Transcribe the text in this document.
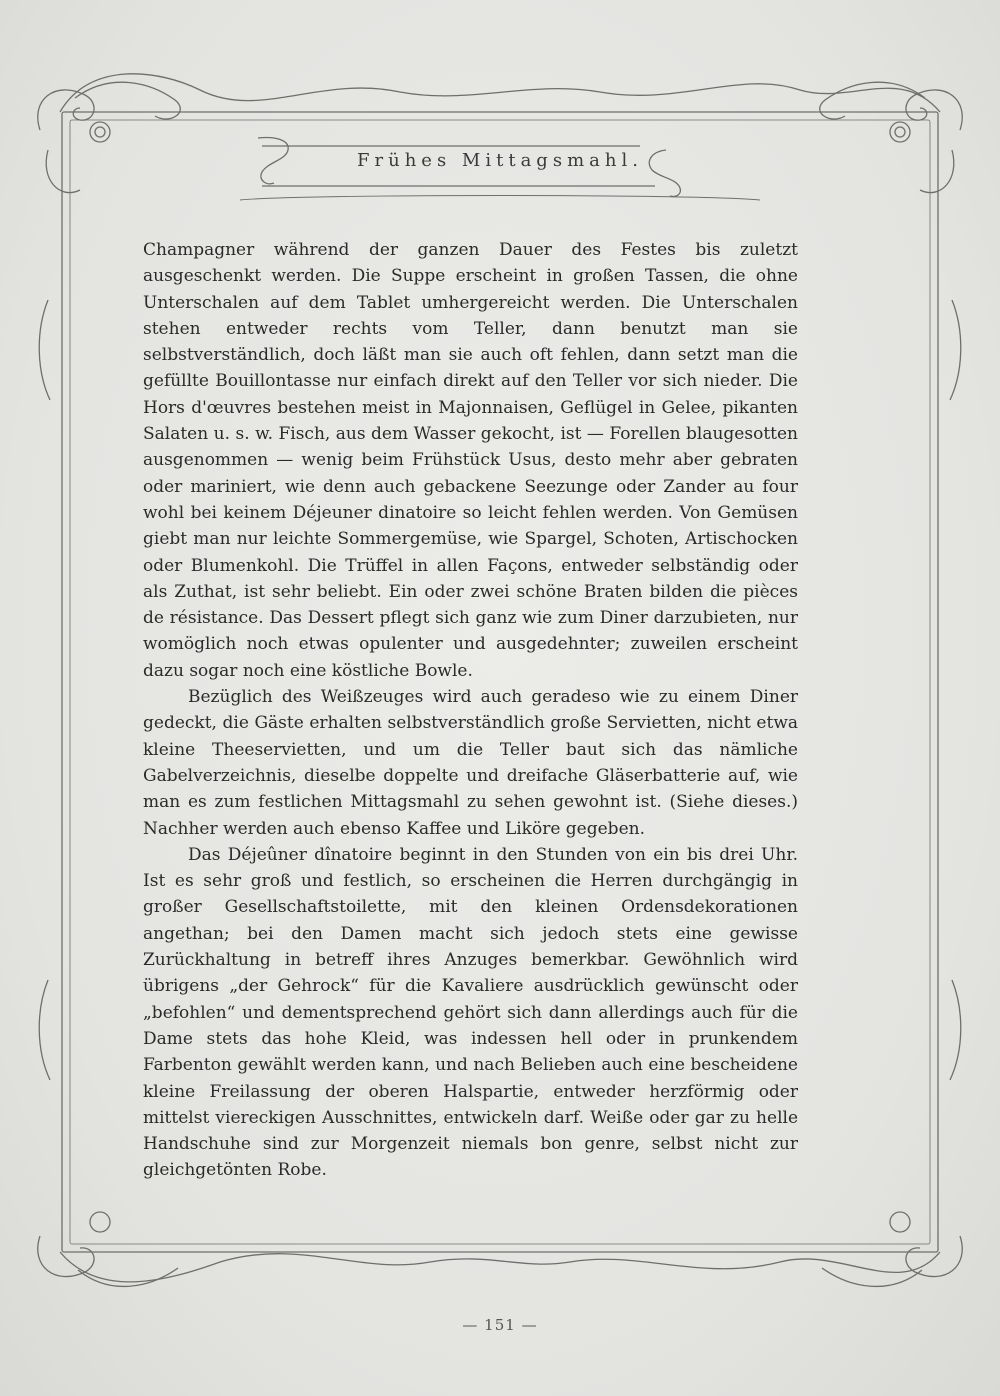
Frühes Mittagsmahl.

Champagner während der ganzen Dauer des Festes bis zuletzt ausgeschenkt werden. Die Suppe erscheint in großen Tassen, die ohne Unterschalen auf dem Tablet umhergereicht werden. Die Unterschalen stehen entweder rechts vom Teller, dann benutzt man sie selbstverständlich, doch läßt man sie auch oft fehlen, dann setzt man die gefüllte Bouillontasse nur einfach direkt auf den Teller vor sich nieder. Die Hors d'œuvres bestehen meist in Majonnaisen, Geflügel in Gelee, pikanten Salaten u. s. w. Fisch, aus dem Wasser gekocht, ist — Forellen blaugesotten ausgenommen — wenig beim Frühstück Usus, desto mehr aber gebraten oder mariniert, wie denn auch gebackene Seezunge oder Zander au four wohl bei keinem Déjeuner dinatoire so leicht fehlen werden. Von Gemüsen giebt man nur leichte Sommergemüse, wie Spargel, Schoten, Artischocken oder Blumenkohl. Die Trüffel in allen Façons, entweder selbständig oder als Zuthat, ist sehr beliebt. Ein oder zwei schöne Braten bilden die pièces de résistance. Das Dessert pflegt sich ganz wie zum Diner darzubieten, nur womöglich noch etwas opulenter und ausgedehnter; zuweilen erscheint dazu sogar noch eine köstliche Bowle.

Bezüglich des Weißzeuges wird auch geradeso wie zu einem Diner gedeckt, die Gäste erhalten selbstverständlich große Servietten, nicht etwa kleine Theeservietten, und um die Teller baut sich das nämliche Gabelverzeichnis, dieselbe doppelte und dreifache Gläserbatterie auf, wie man es zum festlichen Mittagsmahl zu sehen gewohnt ist. (Siehe dieses.) Nachher werden auch ebenso Kaffee und Liköre gegeben.

Das Déjeûner dînatoire beginnt in den Stunden von ein bis drei Uhr. Ist es sehr groß und festlich, so erscheinen die Herren durchgängig in großer Gesellschaftstoilette, mit den kleinen Ordensdekorationen angethan; bei den Damen macht sich jedoch stets eine gewisse Zurückhaltung in betreff ihres Anzuges bemerkbar. Gewöhnlich wird übrigens „der Gehrock“ für die Kavaliere ausdrücklich gewünscht oder „befohlen“ und dementsprechend gehört sich dann allerdings auch für die Dame stets das hohe Kleid, was indessen hell oder in prunkendem Farbenton gewählt werden kann, und nach Belieben auch eine bescheidene kleine Freilassung der oberen Halspartie, entweder herzförmig oder mittelst viereckigen Ausschnittes, entwickeln darf. Weiße oder gar zu helle Handschuhe sind zur Morgenzeit niemals bon genre, selbst nicht zur gleichgetönten Robe.

— 151 —
